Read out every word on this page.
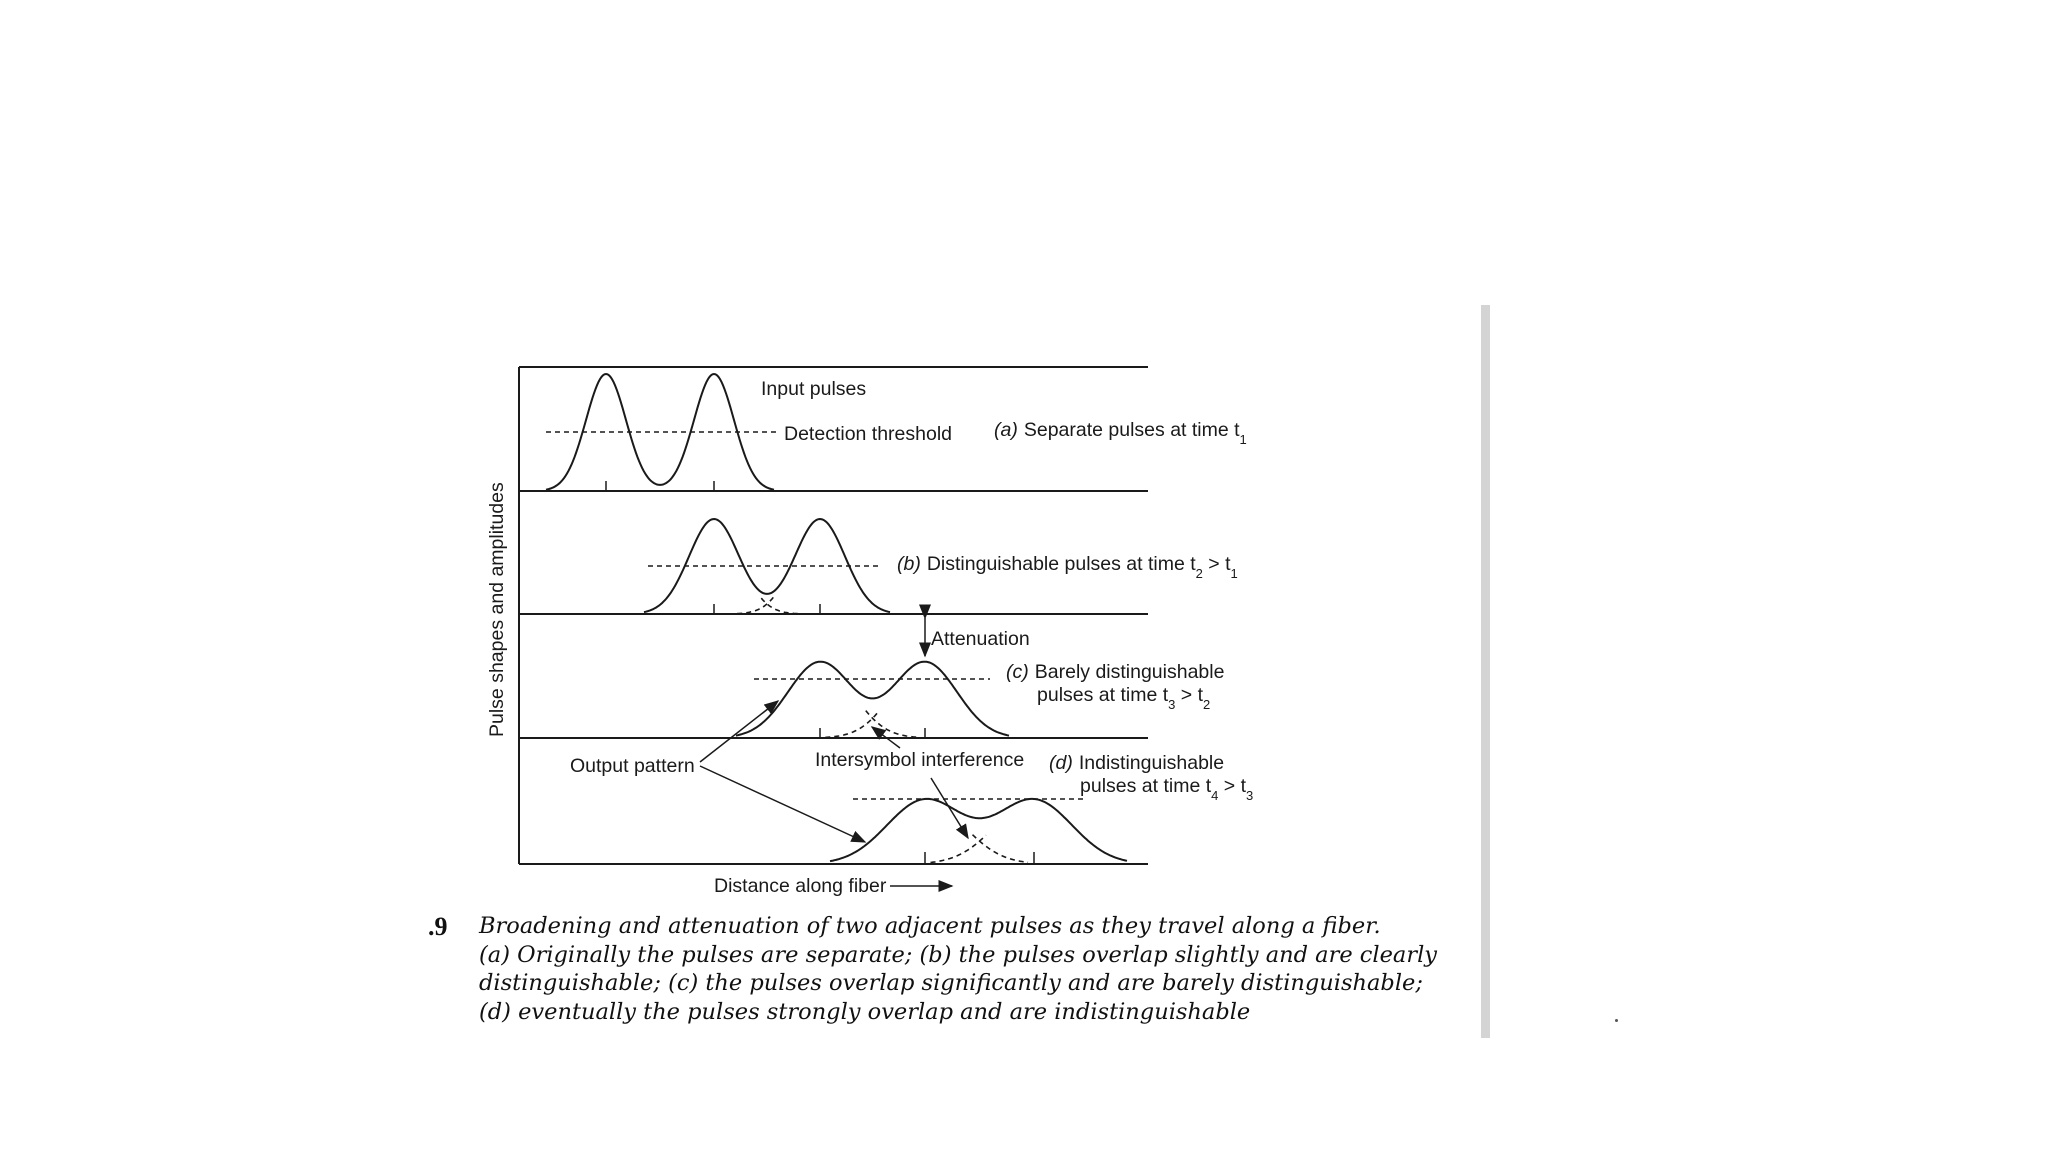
Input pulses
Detection threshold (a) Separate pulses at time $t_1$
(b) Distinguishable pulses at time $t_2 > t_1$
Attenuation
(c) Barely distinguishable
pulses at time $t_3 > t_2$
Output pattern	Intersymbol interference (d) Indistinguishable
pulses at time $t_4 > t_3$
Pulse shapes and amplitudes
Distance along fiber
.9 Broadening and attenuation of two adjacent pulses as they travel along a fiber.
(a) Originally the pulses are separate; (b) the pulses overlap slightly and are clearly
distinguishable; (c) the pulses overlap significantly and are barely distinguishable;
(d) eventually the pulses strongly overlap and are indistinguishable
